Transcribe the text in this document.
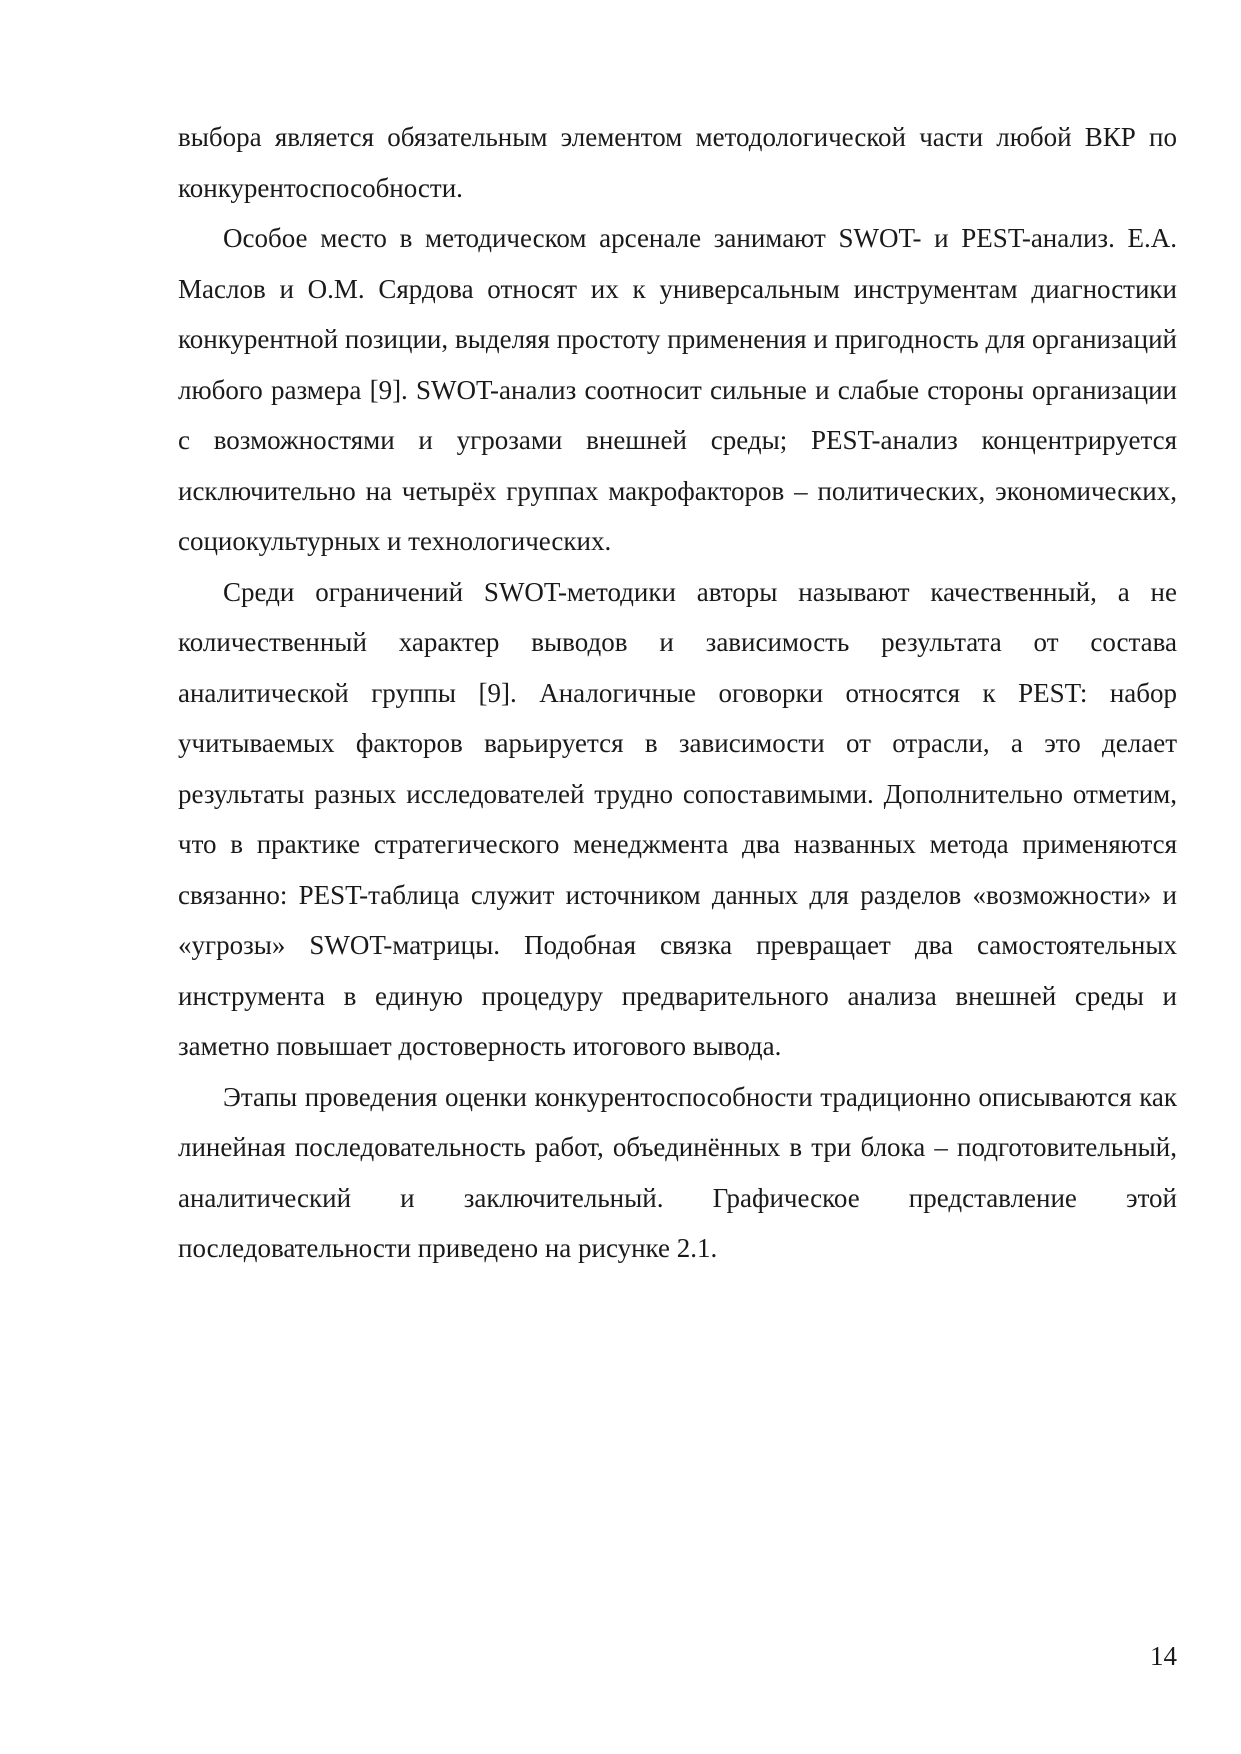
выбора является обязательным элементом методологической части любой ВКР по конкурентоспособности.

Особое место в методическом арсенале занимают SWOT- и PEST-анализ. Е.А. Маслов и О.М. Сярдова относят их к универсальным инструментам диагностики конкурентной позиции, выделяя простоту применения и пригодность для организаций любого размера [9]. SWOT-анализ соотносит сильные и слабые стороны организации с возможностями и угрозами внешней среды; PEST-анализ концентрируется исключительно на четырёх группах макрофакторов – политических, экономических, социокультурных и технологических.

Среди ограничений SWOT-методики авторы называют качественный, а не количественный характер выводов и зависимость результата от состава аналитической группы [9]. Аналогичные оговорки относятся к PEST: набор учитываемых факторов варьируется в зависимости от отрасли, а это делает результаты разных исследователей трудно сопоставимыми. Дополнительно отметим, что в практике стратегического менеджмента два названных метода применяются связанно: PEST-таблица служит источником данных для разделов «возможности» и «угрозы» SWOT-матрицы. Подобная связка превращает два самостоятельных инструмента в единую процедуру предварительного анализа внешней среды и заметно повышает достоверность итогового вывода.

Этапы проведения оценки конкурентоспособности традиционно описываются как линейная последовательность работ, объединённых в три блока – подготовительный, аналитический и заключительный. Графическое представление этой последовательности приведено на рисунке 2.1.

14
